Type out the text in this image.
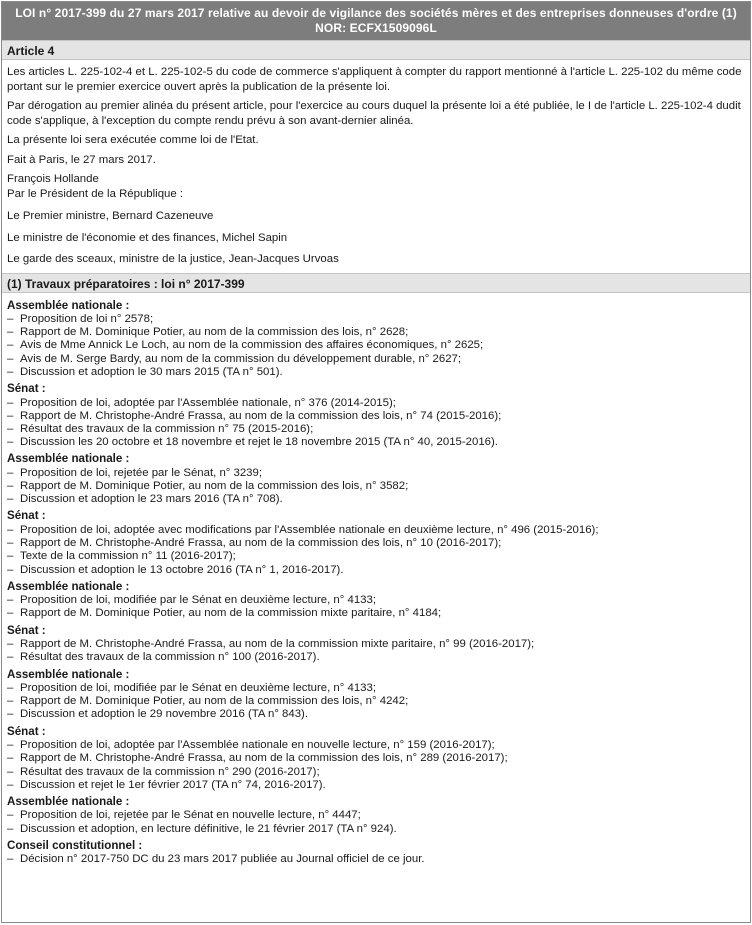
LOI n° 2017-399 du 27 mars 2017 relative au devoir de vigilance des sociétés mères et des entreprises donneuses d'ordre (1)
NOR: ECFX1509096L
Article 4

Les articles L. 225-102-4 et L. 225-102-5 du code de commerce s'appliquent à compter du rapport mentionné à l'article L. 225-102 du même code portant sur le premier exercice ouvert après la publication de la présente loi.

Par dérogation au premier alinéa du présent article, pour l'exercice au cours duquel la présente loi a été publiée, le I de l'article L. 225-102-4 dudit code s'applique, à l'exception du compte rendu prévu à son avant-dernier alinéa.

La présente loi sera exécutée comme loi de l'Etat.

Fait à Paris, le 27 mars 2017.

François Hollande

Par le Président de la République :

Le Premier ministre, Bernard Cazeneuve

Le ministre de l'économie et des finances, Michel Sapin

Le garde des sceaux, ministre de la justice, Jean-Jacques Urvoas

(1) Travaux préparatoires : loi n° 2017-399
Assemblée nationale :
– Proposition de loi n° 2578;
– Rapport de M. Dominique Potier, au nom de la commission des lois, n° 2628;
– Avis de Mme Annick Le Loch, au nom de la commission des affaires économiques, n° 2625;
– Avis de M. Serge Bardy, au nom de la commission du développement durable, n° 2627;
– Discussion et adoption le 30 mars 2015 (TA n° 501).
Sénat :
– Proposition de loi, adoptée par l'Assemblée nationale, n° 376 (2014-2015);
– Rapport de M. Christophe-André Frassa, au nom de la commission des lois, n° 74 (2015-2016);
– Résultat des travaux de la commission n° 75 (2015-2016);
– Discussion les 20 octobre et 18 novembre et rejet le 18 novembre 2015 (TA n° 40, 2015-2016).
Assemblée nationale :
– Proposition de loi, rejetée par le Sénat, n° 3239;
– Rapport de M. Dominique Potier, au nom de la commission des lois, n° 3582;
– Discussion et adoption le 23 mars 2016 (TA n° 708).
Sénat :
– Proposition de loi, adoptée avec modifications par l'Assemblée nationale en deuxième lecture, n° 496 (2015-2016);
– Rapport de M. Christophe-André Frassa, au nom de la commission des lois, n° 10 (2016-2017);
– Texte de la commission n° 11 (2016-2017);
– Discussion et adoption le 13 octobre 2016 (TA n° 1, 2016-2017).
Assemblée nationale :
– Proposition de loi, modifiée par le Sénat en deuxième lecture, n° 4133;
– Rapport de M. Dominique Potier, au nom de la commission mixte paritaire, n° 4184;
Sénat :
– Rapport de M. Christophe-André Frassa, au nom de la commission mixte paritaire, n° 99 (2016-2017);
– Résultat des travaux de la commission n° 100 (2016-2017).
Assemblée nationale :
– Proposition de loi, modifiée par le Sénat en deuxième lecture, n° 4133;
– Rapport de M. Dominique Potier, au nom de la commission des lois, n° 4242;
– Discussion et adoption le 29 novembre 2016 (TA n° 843).
Sénat :
– Proposition de loi, adoptée par l'Assemblée nationale en nouvelle lecture, n° 159 (2016-2017);
– Rapport de M. Christophe-André Frassa, au nom de la commission des lois, n° 289 (2016-2017);
– Résultat des travaux de la commission n° 290 (2016-2017);
– Discussion et rejet le 1er février 2017 (TA n° 74, 2016-2017).
Assemblée nationale :
– Proposition de loi, rejetée par le Sénat en nouvelle lecture, n° 4447;
– Discussion et adoption, en lecture définitive, le 21 février 2017 (TA n° 924).
Conseil constitutionnel :
– Décision n° 2017-750 DC du 23 mars 2017 publiée au Journal officiel de ce jour.
